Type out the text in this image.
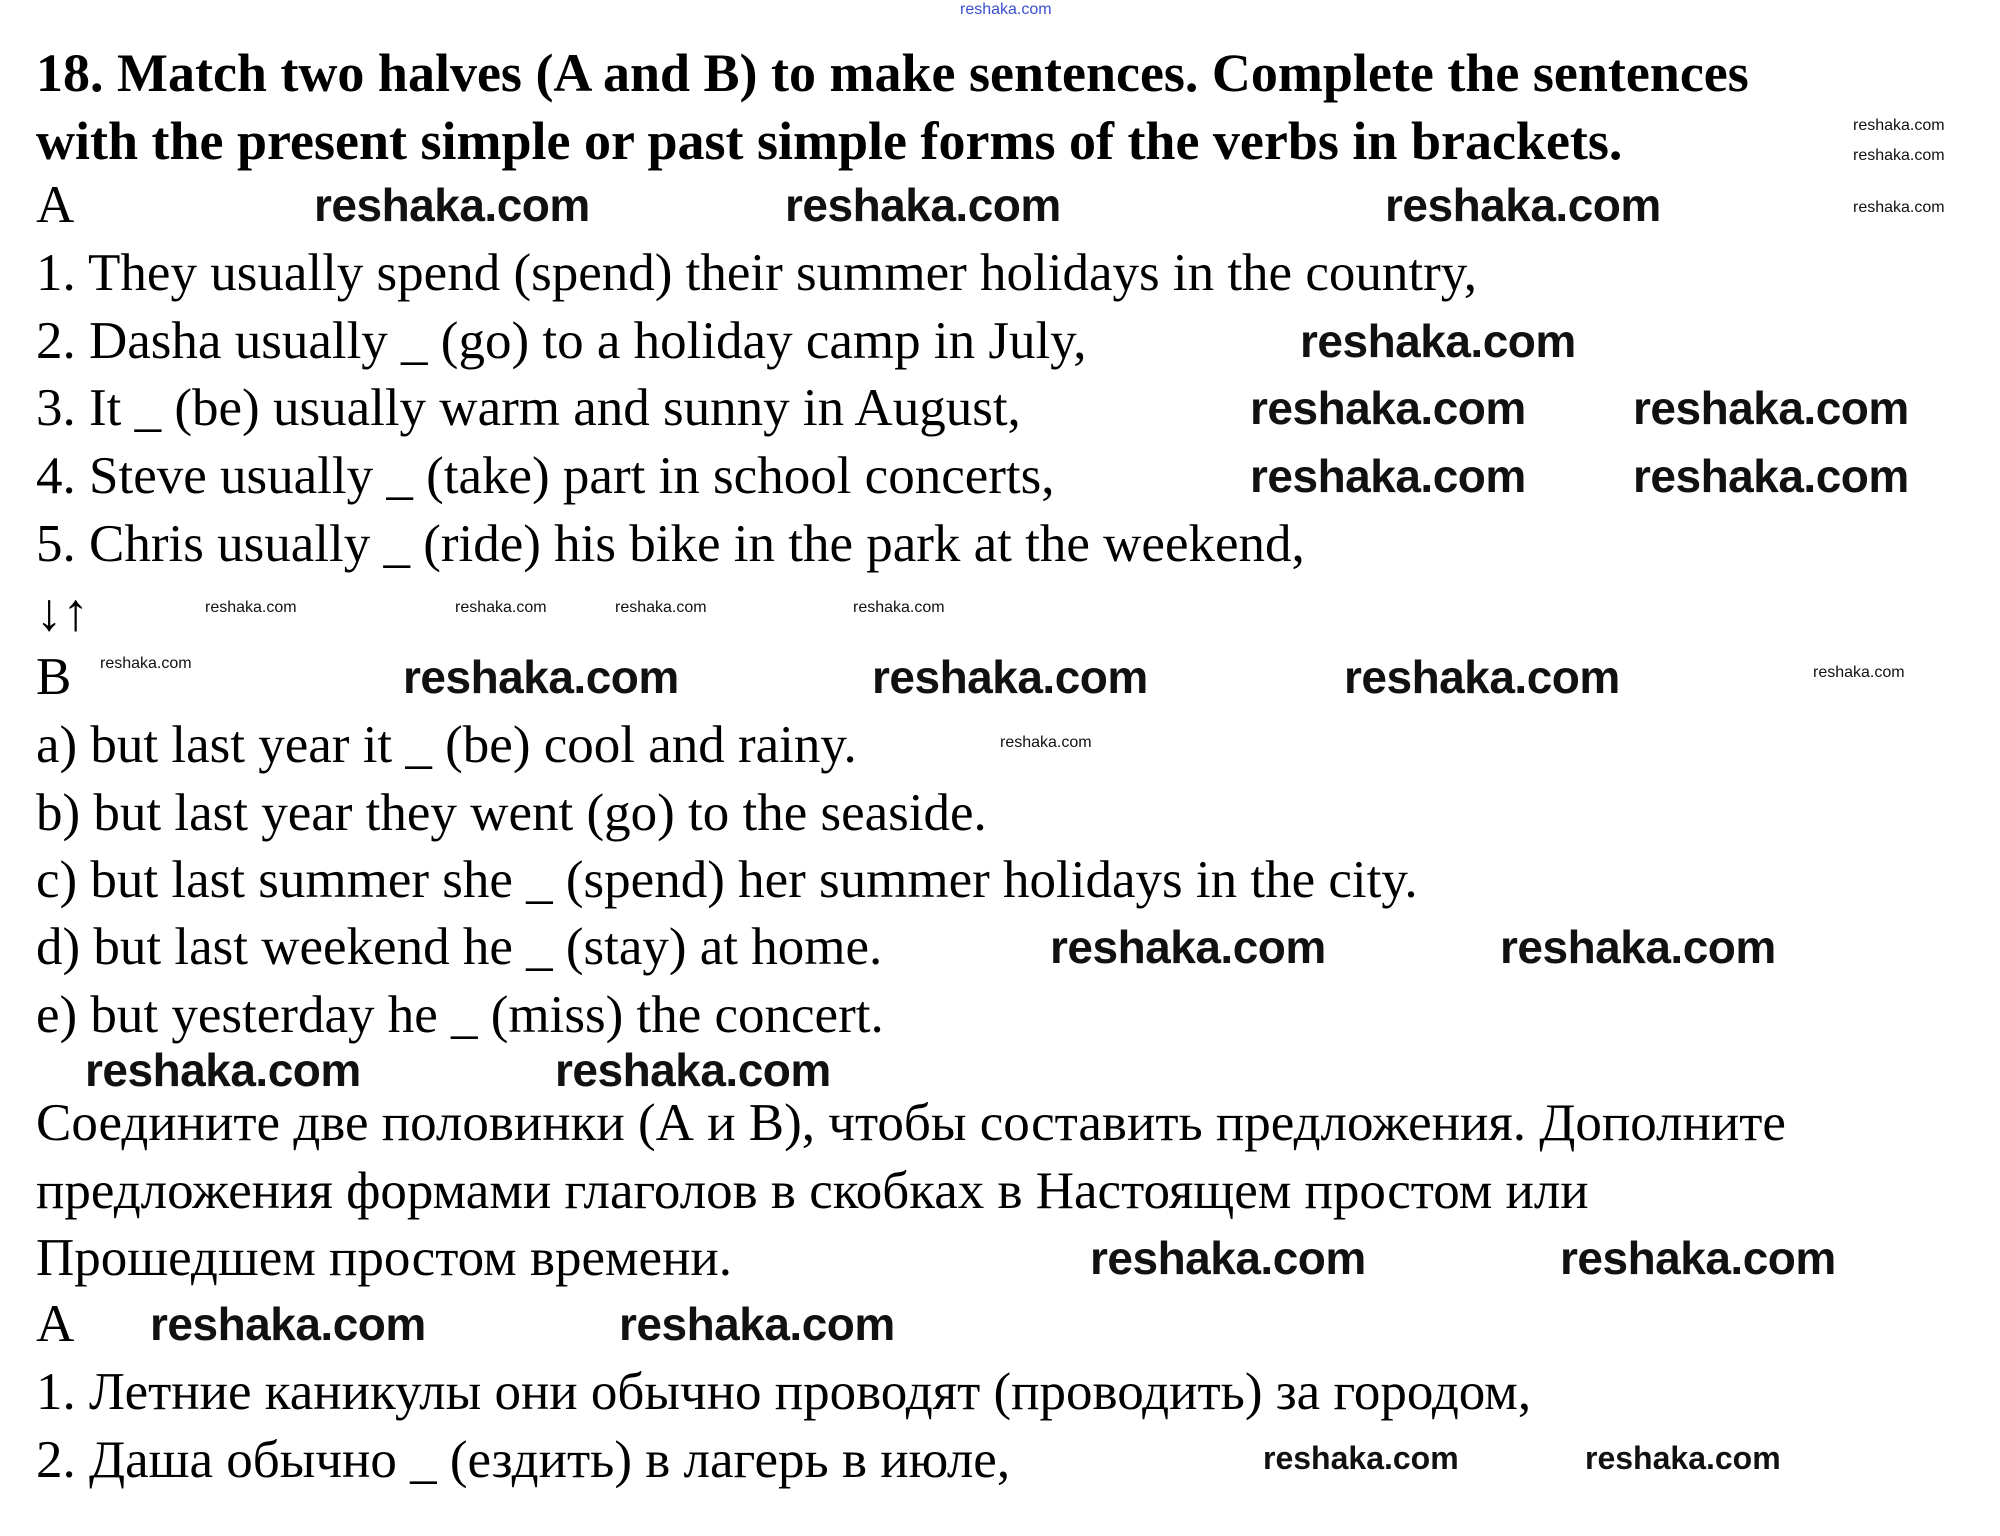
18. Match two halves (A and B) to make sentences. Complete the sentences
with the present simple or past simple forms of the verbs in brackets.
A
1. They usually spend (spend) their summer holidays in the country,
2. Dasha usually _ (go) to a holiday camp in July,
3. It _ (be) usually warm and sunny in August,
4. Steve usually _ (take) part in school concerts,
5. Chris usually _ (ride) his bike in the park at the weekend,
↓↑
B
a) but last year it _ (be) cool and rainy.
b) but last year they went (go) to the seaside.
c) but last summer she _ (spend) her summer holidays in the city.
d) but last weekend he _ (stay) at home.
e) but yesterday he _ (miss) the concert.
Соедините две половинки (А и В), чтобы составить предложения. Дополните
предложения формами глаголов в скобках в Настоящем простом или
Прошедшем простом времени.
А
1. Летние каникулы они обычно проводят (проводить) за городом,
2. Даша обычно _ (ездить) в лагерь в июле,
reshaka.com
reshaka.com	reshaka.com	reshaka.com
reshaka.com
reshaka.com reshaka.com
reshaka.com reshaka.com
reshaka.com	reshaka.com	reshaka.com
reshaka.com	reshaka.com
reshaka.com	reshaka.com
reshaka.com	reshaka.com
reshaka.com	reshaka.com
reshaka.com
reshaka.com
reshaka.com
reshaka.com	reshaka.com	reshaka.com	reshaka.com
reshaka.com
reshaka.com
reshaka.com
reshaka.com	reshaka.com
